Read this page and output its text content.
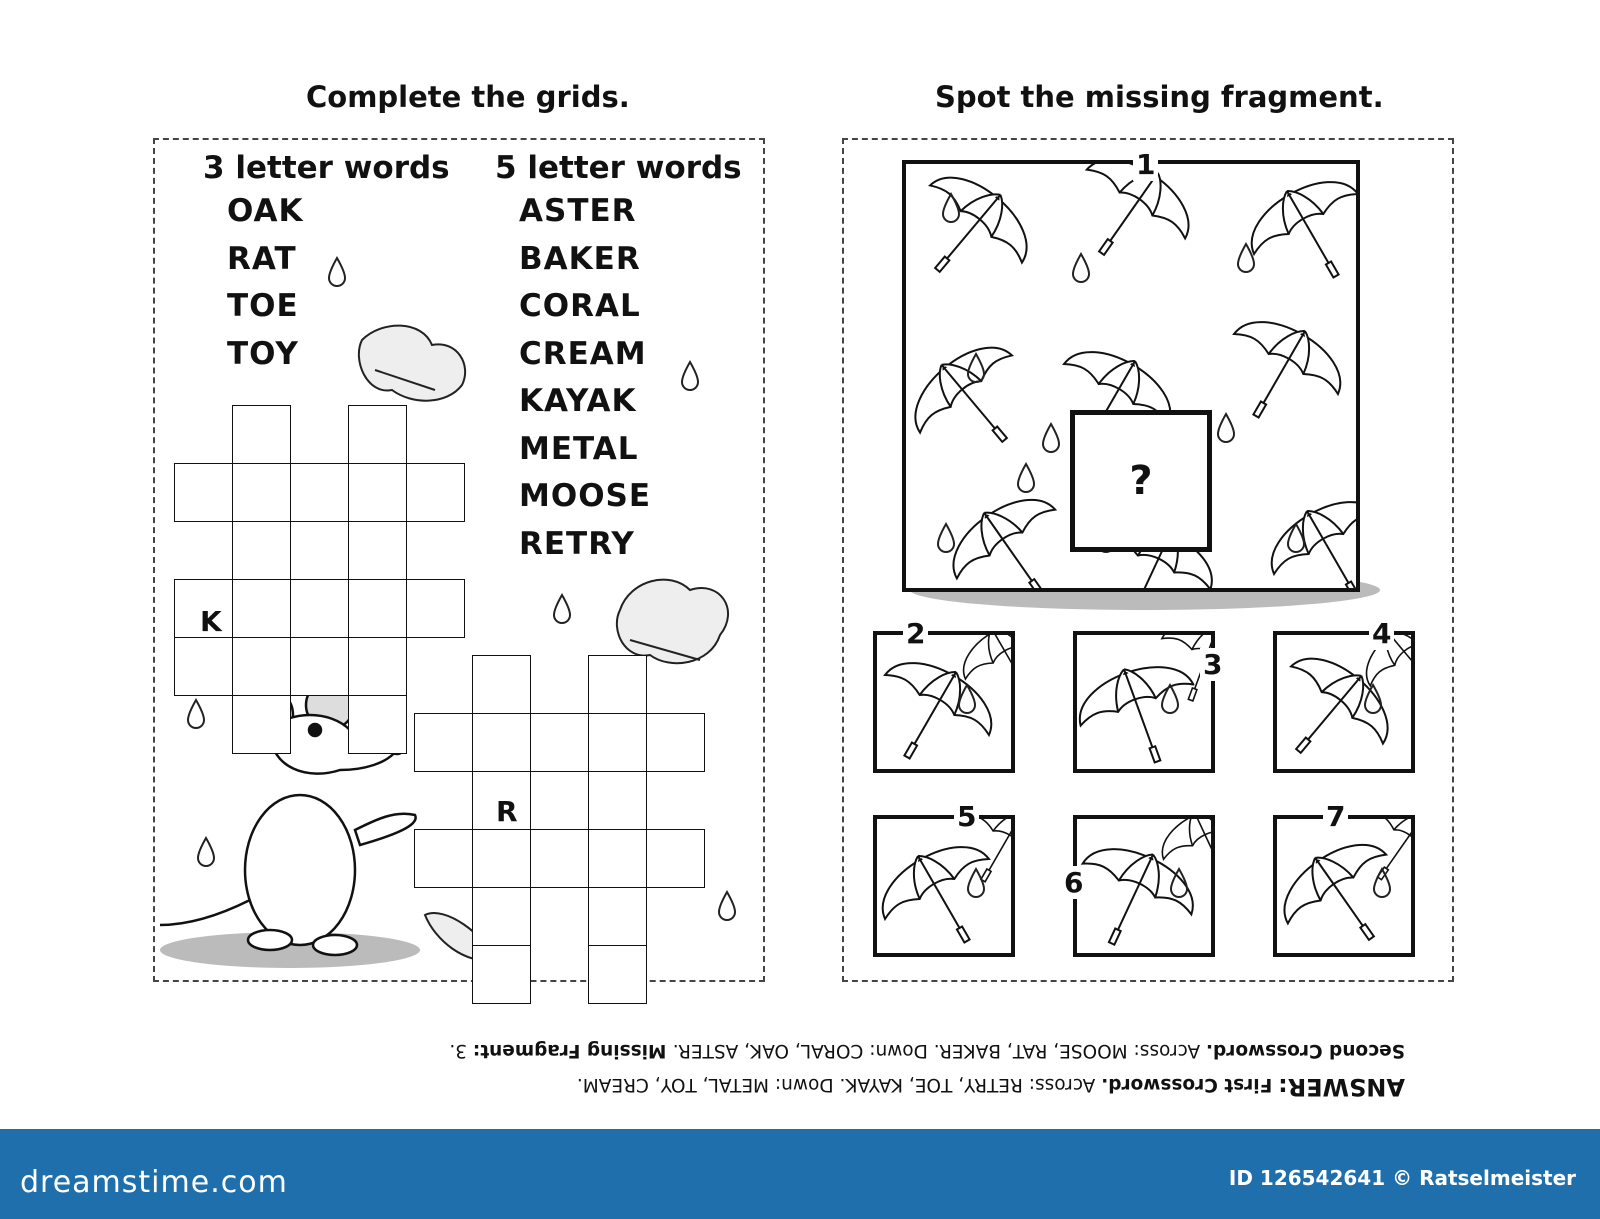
Complete the grids.
3 letter words
OAK
RAT
TOE
TOY
5 letter words
ASTER
BAKER
CORAL
CREAM
KAYAK
METAL
MOOSE
RETRY
K
R
Spot the missing fragment.
1
?
2
3
4
5
6
7
Second Crossword. Across: MOOSE, RAT, BAKER. Down: CORAL, OAK, ASTER. Missing Fragment: 3.
ANSWER: First Crossword. Across: RETRY, TOE, KAYAK. Down: METAL, TOY, CREAM.
dreamstime.com	ID 126542641 © Ratselmeister
